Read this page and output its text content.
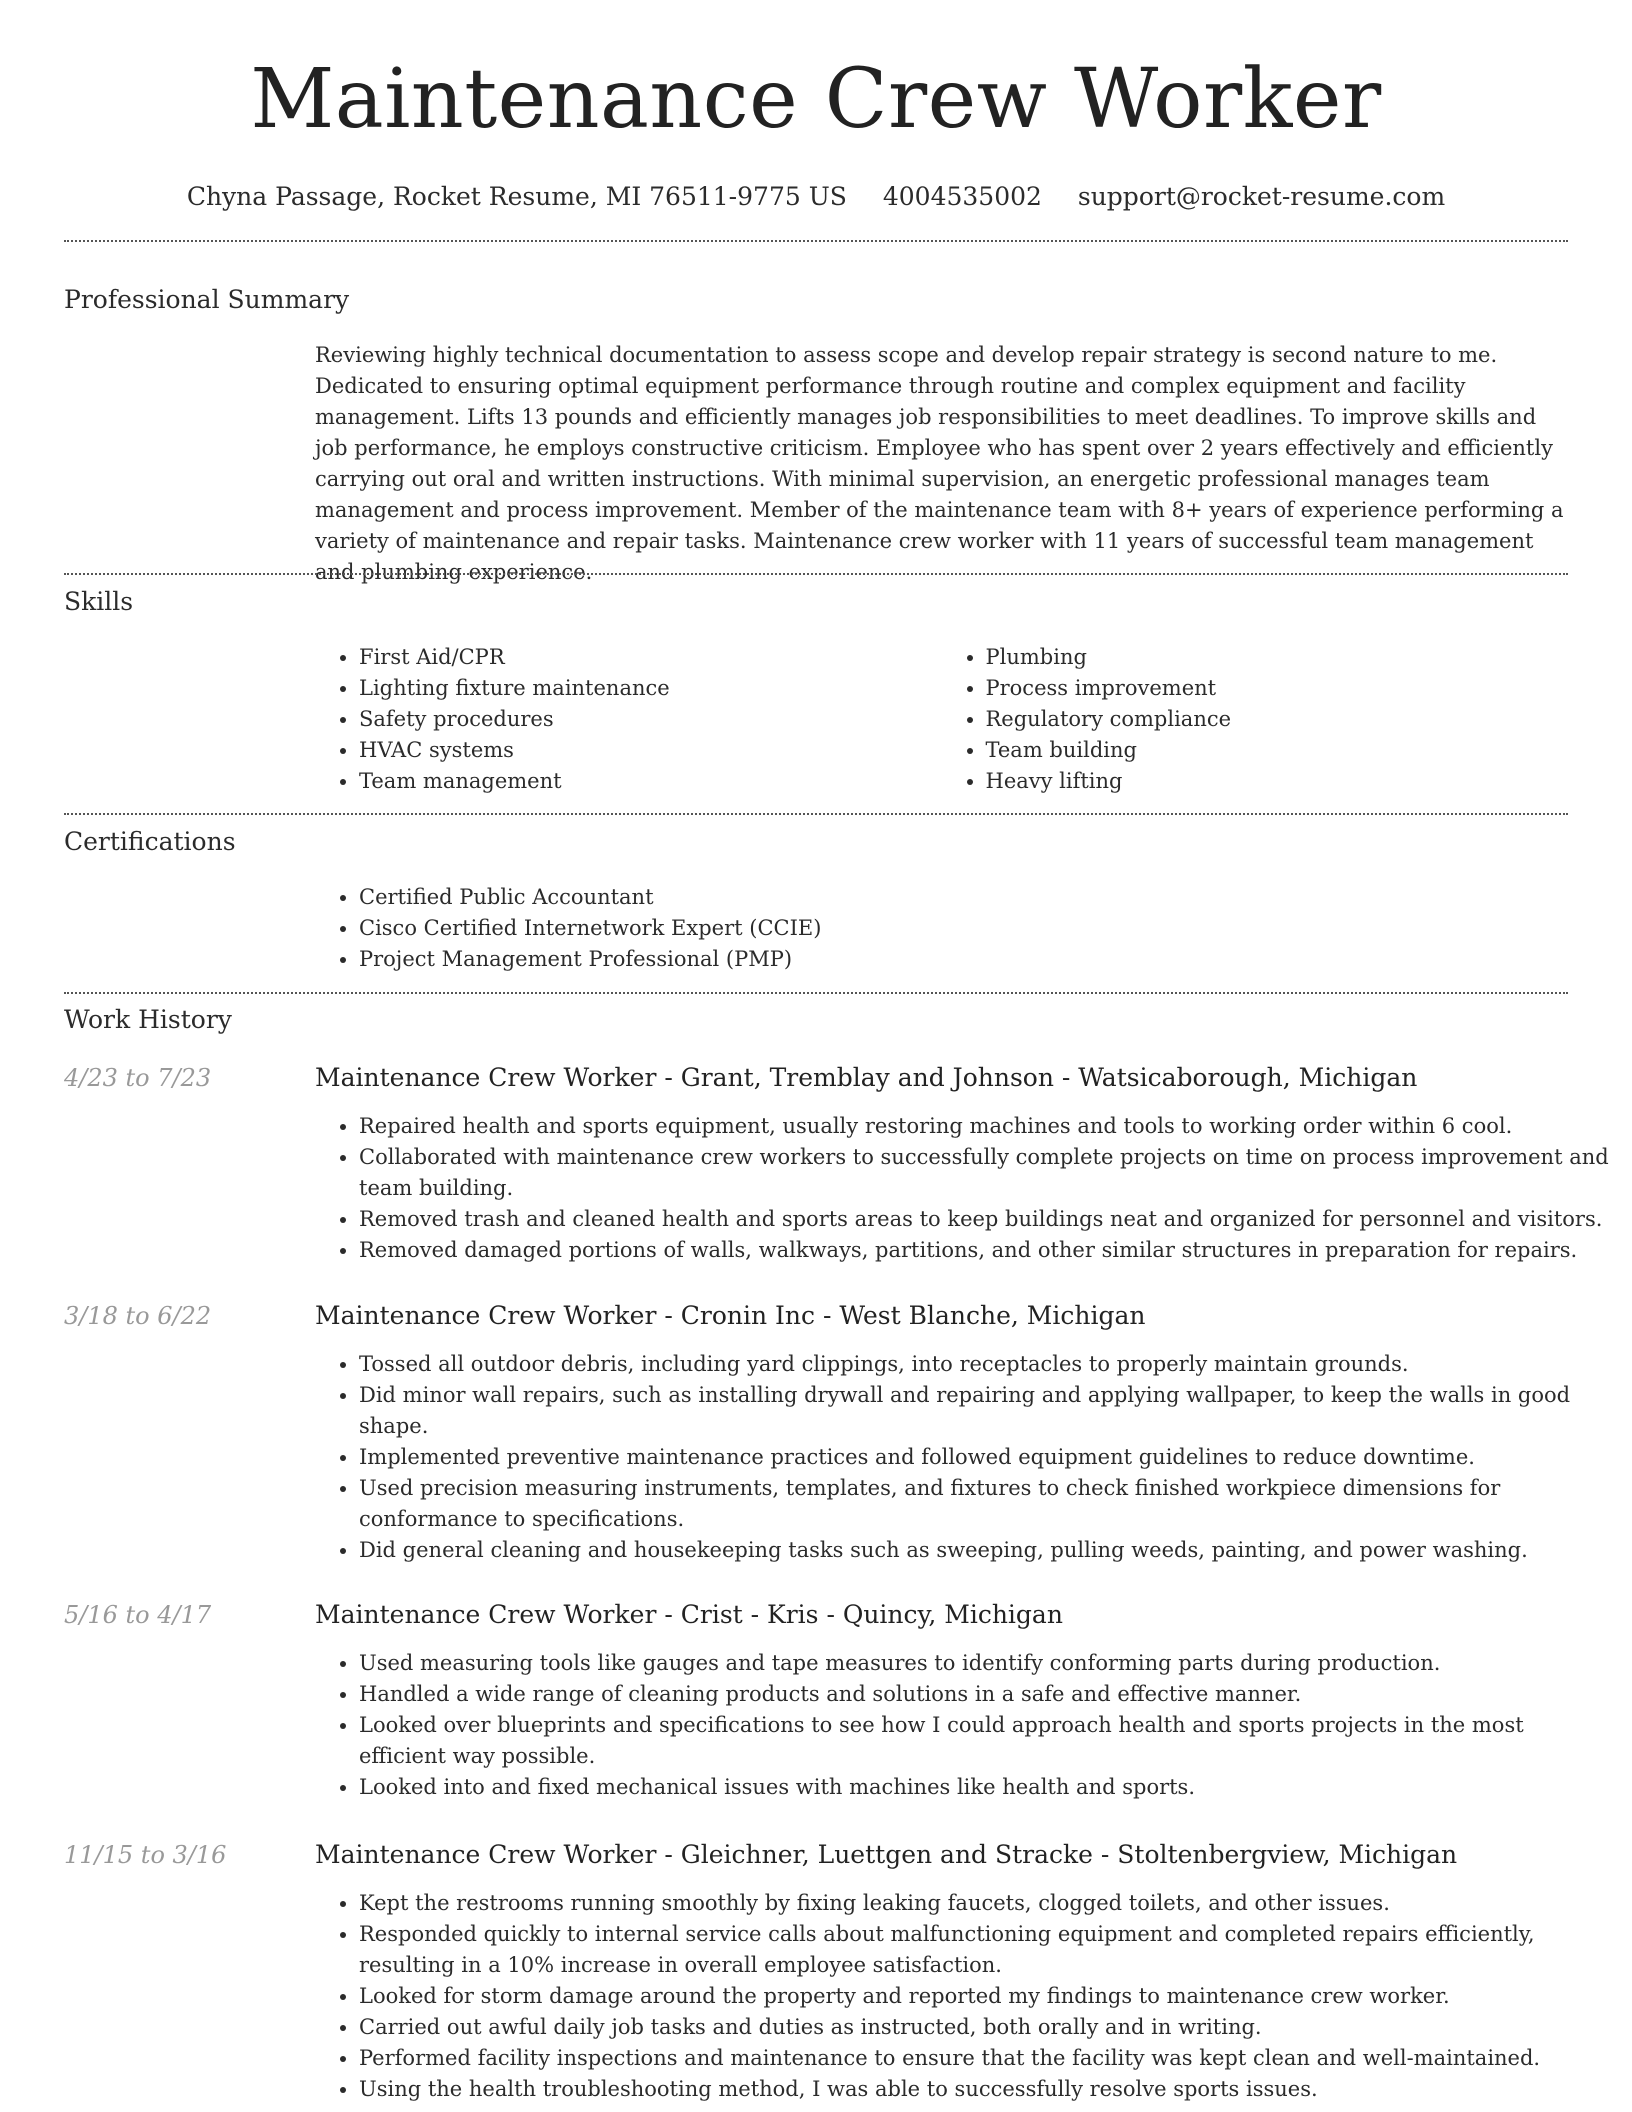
Maintenance Crew Worker
Chyna Passage, Rocket Resume, MI 76511-9775 US 4004535002 support@rocket-resume.com
Professional Summary

Reviewing highly technical documentation to assess scope and develop repair strategy is second nature to me. Dedicated to ensuring optimal equipment performance through routine and complex equipment and facility management. Lifts 13 pounds and efficiently manages job responsibilities to meet deadlines. To improve skills and job performance, he employs constructive criticism. Employee who has spent over 2 years effectively and efficiently carrying out oral and written instructions. With minimal supervision, an energetic professional manages team management and process improvement. Member of the maintenance team with 8+ years of experience performing a variety of maintenance and repair tasks. Maintenance crew worker with 11 years of successful team management and plumbing experience.

Skills
• First Aid/CPR
• Lighting fixture maintenance
• Safety procedures
• HVAC systems
• Team management
• Plumbing
• Process improvement
• Regulatory compliance
• Team building
• Heavy lifting
Certifications
• Certified Public Accountant
• Cisco Certified Internetwork Expert (CCIE)
• Project Management Professional (PMP)
Work History
4/23 to 7/23	Maintenance Crew Worker - Grant, Tremblay and Johnson - Watsicaborough, Michigan
• Repaired health and sports equipment, usually restoring machines and tools to working order within 6 cool.
• Collaborated with maintenance crew workers to successfully complete projects on time on process improvement and team building.
• Removed trash and cleaned health and sports areas to keep buildings neat and organized for personnel and visitors.
• Removed damaged portions of walls, walkways, partitions, and other similar structures in preparation for repairs.
3/18 to 6/22	Maintenance Crew Worker - Cronin Inc - West Blanche, Michigan
• Tossed all outdoor debris, including yard clippings, into receptacles to properly maintain grounds.
• Did minor wall repairs, such as installing drywall and repairing and applying wallpaper, to keep the walls in good shape.
• Implemented preventive maintenance practices and followed equipment guidelines to reduce downtime.
• Used precision measuring instruments, templates, and fixtures to check finished workpiece dimensions for conformance to specifications.
• Did general cleaning and housekeeping tasks such as sweeping, pulling weeds, painting, and power washing.
5/16 to 4/17	Maintenance Crew Worker - Crist - Kris - Quincy, Michigan
• Used measuring tools like gauges and tape measures to identify conforming parts during production.
• Handled a wide range of cleaning products and solutions in a safe and effective manner.
• Looked over blueprints and specifications to see how I could approach health and sports projects in the most efficient way possible.
• Looked into and fixed mechanical issues with machines like health and sports.
11/15 to 3/16	Maintenance Crew Worker - Gleichner, Luettgen and Stracke - Stoltenbergview, Michigan
• Kept the restrooms running smoothly by fixing leaking faucets, clogged toilets, and other issues.
• Responded quickly to internal service calls about malfunctioning equipment and completed repairs efficiently, resulting in a 10% increase in overall employee satisfaction.
• Looked for storm damage around the property and reported my findings to maintenance crew worker.
• Carried out awful daily job tasks and duties as instructed, both orally and in writing.
• Performed facility inspections and maintenance to ensure that the facility was kept clean and well-maintained.
• Using the health troubleshooting method, I was able to successfully resolve sports issues.
